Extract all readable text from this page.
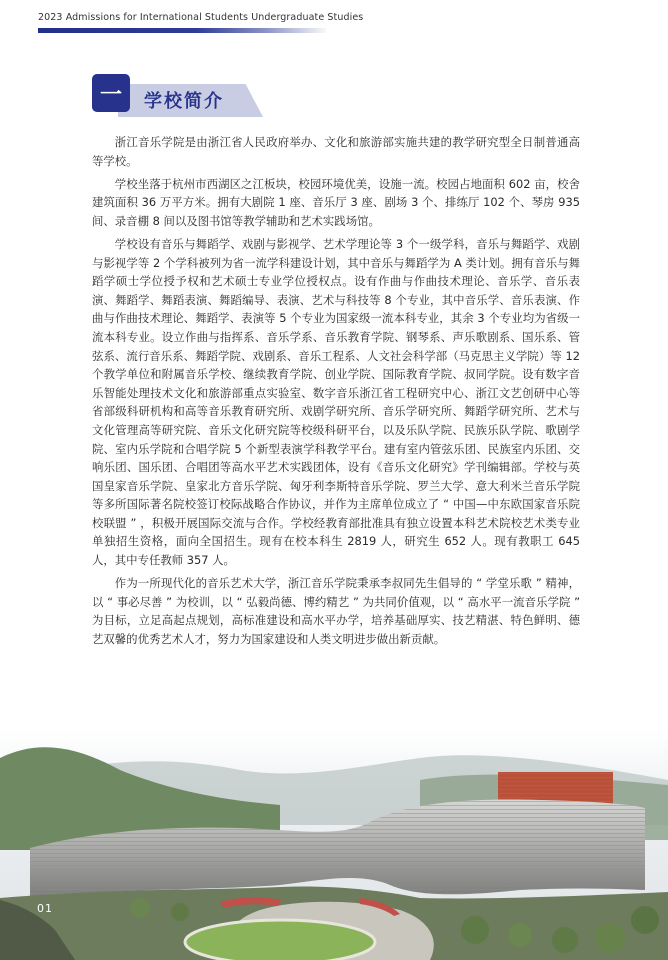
2023 Admissions for International Students Undergraduate Studies
一	学校简介

浙江音乐学院是由浙江省人民政府举办、文化和旅游部实施共建的教学研究型全日制普通高等学校。

学校坐落于杭州市西湖区之江板块，校园环境优美，设施一流。校园占地面积 602 亩，校舍建筑面积 36 万平方米。拥有大剧院 1 座、音乐厅 3 座、剧场 3 个、排练厅 102 个、琴房 935 间、录音棚 8 间以及图书馆等教学辅助和艺术实践场馆。

学校设有音乐与舞蹈学、戏剧与影视学、艺术学理论等 3 个一级学科，音乐与舞蹈学、戏剧与影视学等 2 个学科被列为省一流学科建设计划，其中音乐与舞蹈学为 A 类计划。拥有音乐与舞蹈学硕士学位授予权和艺术硕士专业学位授权点。设有作曲与作曲技术理论、音乐学、音乐表演、舞蹈学、舞蹈表演、舞蹈编导、表演、艺术与科技等 8 个专业，其中音乐学、音乐表演、作曲与作曲技术理论、舞蹈学、表演等 5 个专业为国家级一流本科专业，其余 3 个专业均为省级一流本科专业。设立作曲与指挥系、音乐学系、音乐教育学院、钢琴系、声乐歌剧系、国乐系、管弦系、流行音乐系、舞蹈学院、戏剧系、音乐工程系、人文社会科学部（马克思主义学院）等 12 个教学单位和附属音乐学校、继续教育学院、创业学院、国际教育学院、叔同学院。设有数字音乐智能处理技术文化和旅游部重点实验室、数字音乐浙江省工程研究中心、浙江文艺创研中心等省部级科研机构和高等音乐教育研究所、戏剧学研究所、音乐学研究所、舞蹈学研究所、艺术与文化管理高等研究院、音乐文化研究院等校级科研平台，以及乐队学院、民族乐队学院、歌剧学院、室内乐学院和合唱学院 5 个新型表演学科教学平台。建有室内管弦乐团、民族室内乐团、交响乐团、国乐团、合唱团等高水平艺术实践团体，设有《音乐文化研究》学刊编辑部。学校与英国皇家音乐学院、皇家北方音乐学院、匈牙利李斯特音乐学院、罗兰大学、意大利米兰音乐学院等多所国际著名院校签订校际战略合作协议，并作为主席单位成立了 “ 中国—中东欧国家音乐院校联盟 ” ，积极开展国际交流与合作。学校经教育部批准具有独立设置本科艺术院校艺术类专业单独招生资格，面向全国招生。现有在校本科生 2819 人，研究生 652 人。现有教职工 645 人，其中专任教师 357 人。

作为一所现代化的音乐艺术大学，浙江音乐学院秉承李叔同先生倡导的 “ 学堂乐歌 ” 精神，以 “ 事必尽善 ” 为校训，以 “ 弘毅尚德、博约精艺 ” 为共同价值观，以 “ 高水平一流音乐学院 ” 为目标，立足高起点规划，高标准建设和高水平办学，培养基础厚实、技艺精湛、特色鲜明、德艺双馨的优秀艺术人才，努力为国家建设和人类文明进步做出新贡献。

01
